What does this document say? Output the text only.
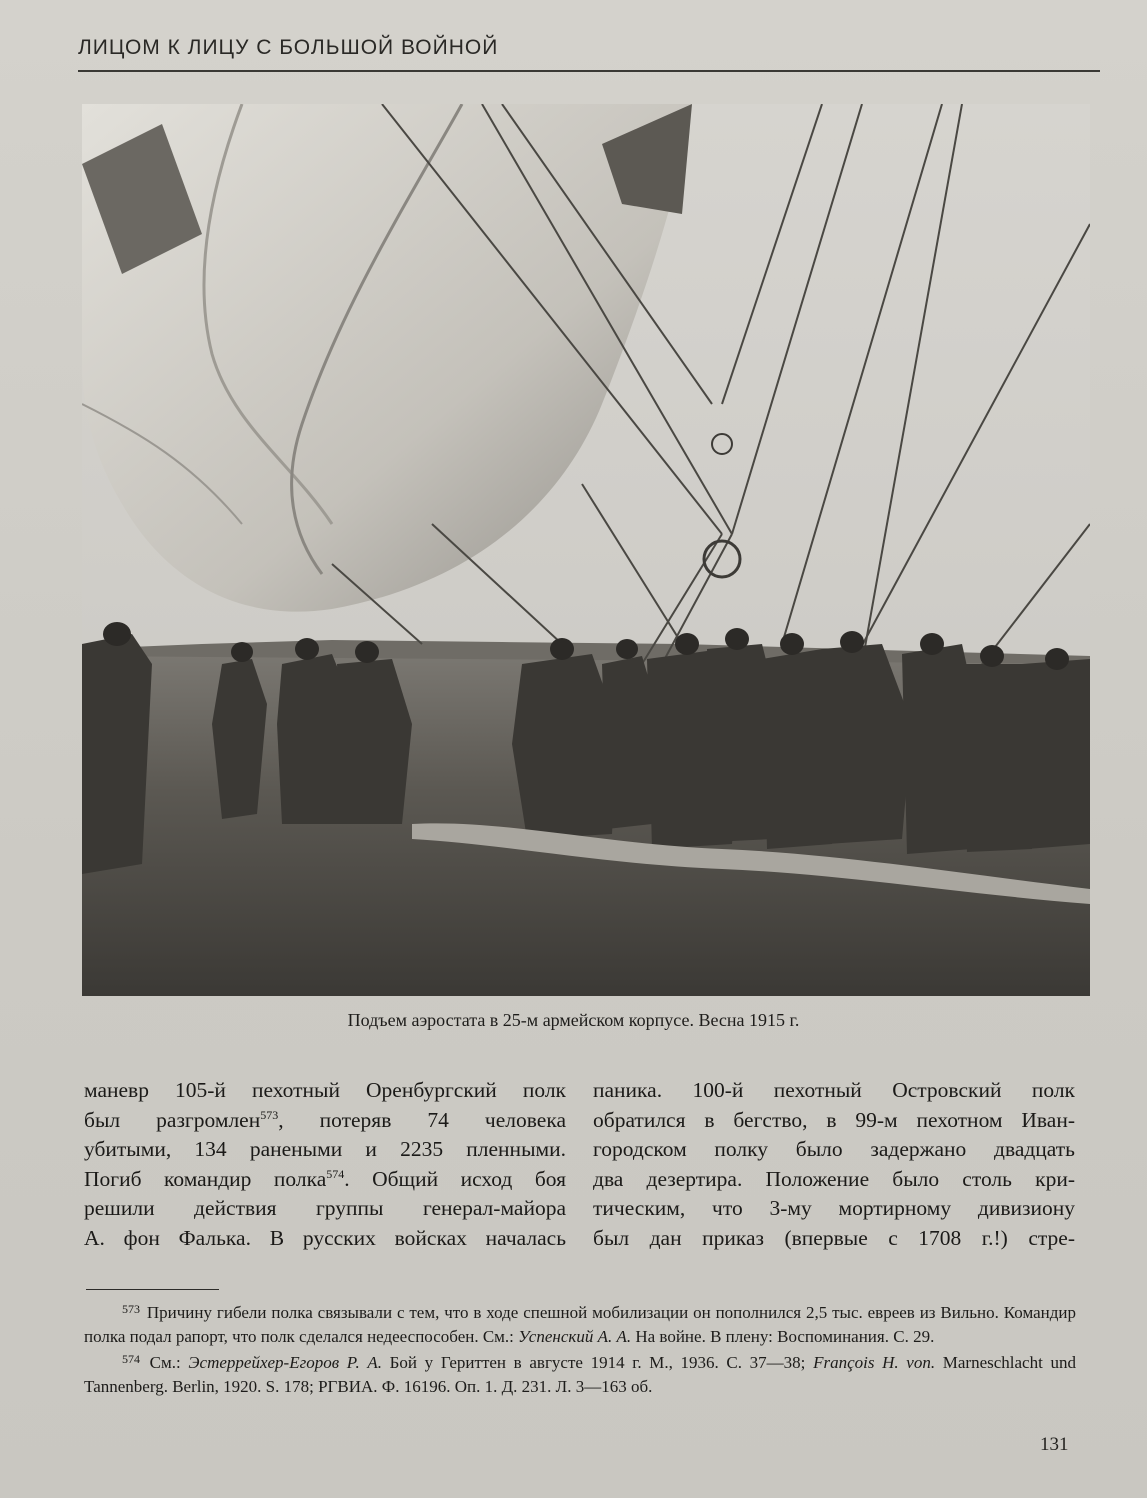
ЛИЦОМ К ЛИЦУ С БОЛЬШОЙ ВОЙНОЙ
Подъем аэростата в 25-м армейском корпусе. Весна 1915 г.
маневр 105-й пехотный Оренбургский полк
был разгромлен$^{573}$, потеряв 74 человека
убитыми, 134 ранеными и 2235 пленными.
Погиб командир полка$^{574}$. Общий исход боя
решили действия группы генерал-майора
А. фон Фалька. В русских войсках началась
паника. 100-й пехотный Островский полк
обратился в бегство, в 99-м пехотном Иван-
городском полку было задержано двадцать
два дезертира. Положение было столь кри-
тическим, что 3-му мортирному дивизиону
был дан приказ (впервые с 1708 г.!) стре-

$^{573}$ Причину гибели полка связывали с тем, что в ходе спешной мобилизации он пополнился 2,5 тыс. евреев из Вильно. Командир полка подал рапорт, что полк сделался недееспособен. См.: Успенский А. А. На войне. В плену: Воспоминания. С. 29.

$^{574}$ См.: Эстеррейхер-Егоров Р. А. Бой у Гериттен в августе 1914 г. М., 1936. С. 37—38; François H. von. Marneschlacht und Tannenberg. Berlin, 1920. S. 178; РГВИА. Ф. 16196. Оп. 1. Д. 231. Л. 3—163 об.

131
